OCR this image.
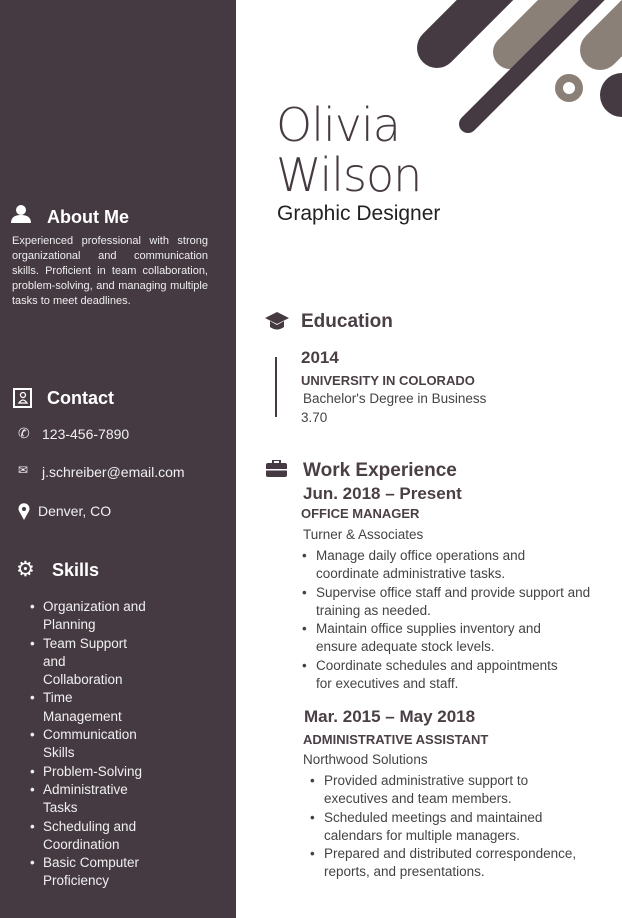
About Me

Experienced professional with strong organizational and communication skills. Proficient in team collaboration, problem-solving, and managing multiple tasks to meet deadlines.

Contact
✆ 123-456-7890
✉ j.schreiber@email.com
Denver, CO
⚙ Skills
• Organization and Planning
• Team Support and Collaboration
• Time Management
• Communication Skills
• Problem-Solving
• Administrative Tasks
• Scheduling and Coordination
• Basic Computer Proficiency
Olivia
Wilson
Graphic Designer
Education
2014
UNIVERSITY IN COLORADO
Bachelor's Degree in Business
3.70
Work Experience
Jun. 2018 – Present
OFFICE MANAGER
Turner & Associates
• Manage daily office operations and coordinate administrative tasks.
• Supervise office staff and provide support and training as needed.
• Maintain office supplies inventory and ensure adequate stock levels.
• Coordinate schedules and appointments for executives and staff.
Mar. 2015 – May 2018
ADMINISTRATIVE ASSISTANT
Northwood Solutions
• Provided administrative support to executives and team members.
• Scheduled meetings and maintained calendars for multiple managers.
• Prepared and distributed correspondence, reports, and presentations.
